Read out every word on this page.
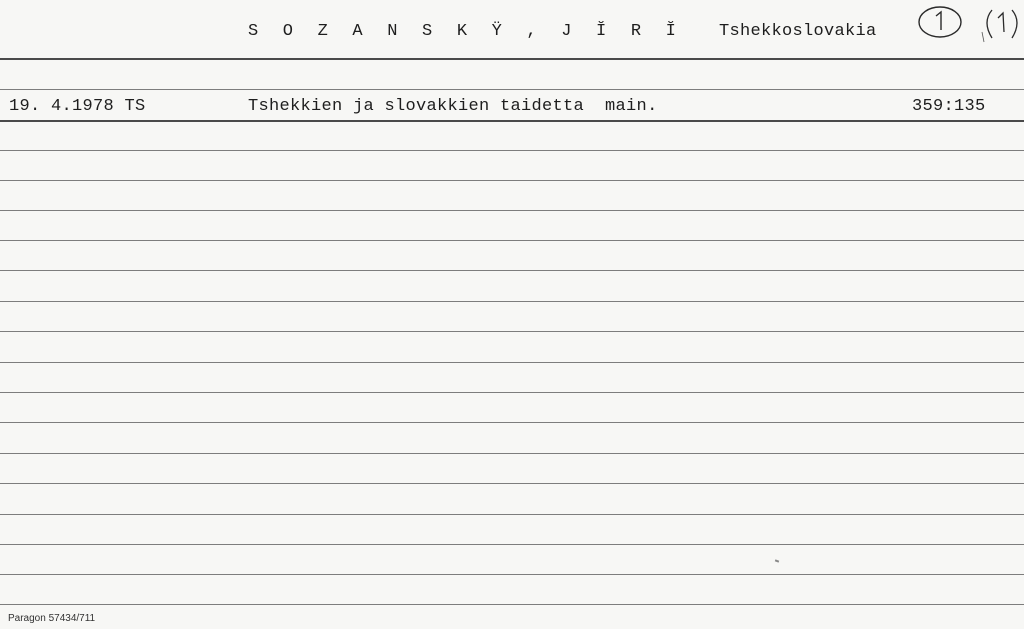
S O Z A N S K Ÿ , J Ĭ R Ĭ Tshekkoslovakia
19. 4.1978 TS	Tshekkien ja slovakkien taidetta  main.	359:135
Paragon 57434/711
